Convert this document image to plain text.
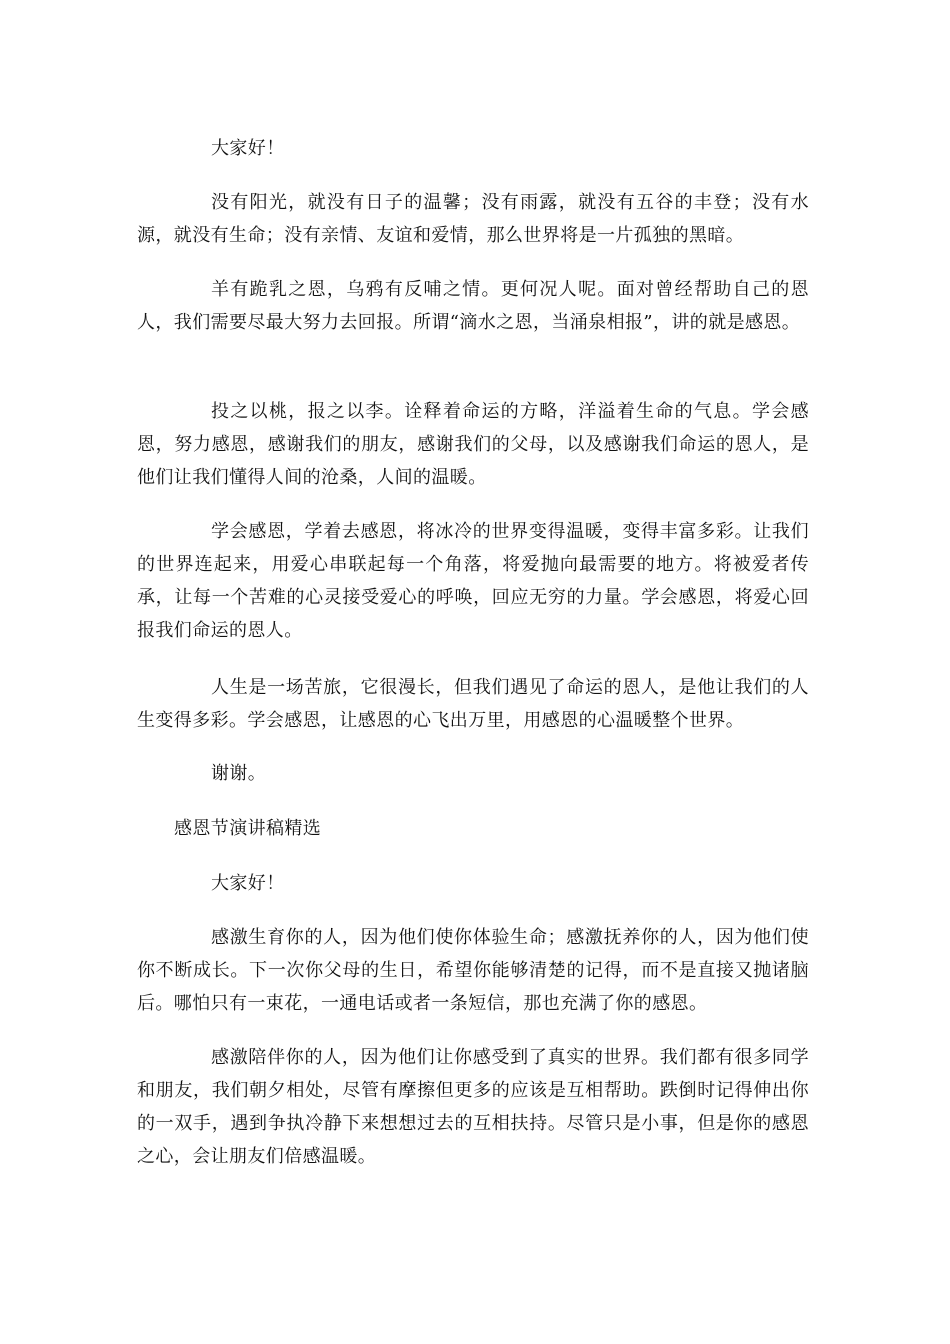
大家好！

没有阳光，就没有日子的温馨；没有雨露，就没有五谷的丰登；没有水源，就没有生命；没有亲情、友谊和爱情，那么世界将是一片孤独的黑暗。

羊有跪乳之恩，乌鸦有反哺之情。更何况人呢。面对曾经帮助自己的恩人，我们需要尽最大努力去回报。所谓“滴水之恩，当涌泉相报”，讲的就是感恩。

投之以桃，报之以李。诠释着命运的方略，洋溢着生命的气息。学会感恩，努力感恩，感谢我们的朋友，感谢我们的父母，以及感谢我们命运的恩人，是他们让我们懂得人间的沧桑，人间的温暖。

学会感恩，学着去感恩，将冰冷的世界变得温暖，变得丰富多彩。让我们的世界连起来，用爱心串联起每一个角落，将爱抛向最需要的地方。将被爱者传承，让每一个苦难的心灵接受爱心的呼唤，回应无穷的力量。学会感恩，将爱心回报我们命运的恩人。

人生是一场苦旅，它很漫长，但我们遇见了命运的恩人，是他让我们的人生变得多彩。学会感恩，让感恩的心飞出万里，用感恩的心温暖整个世界。

谢谢。

感恩节演讲稿精选

大家好！

感激生育你的人，因为他们使你体验生命；感激抚养你的人，因为他们使你不断成长。下一次你父母的生日，希望你能够清楚的记得，而不是直接又抛诸脑后。哪怕只有一束花，一通电话或者一条短信，那也充满了你的感恩。

感激陪伴你的人，因为他们让你感受到了真实的世界。我们都有很多同学和朋友，我们朝夕相处，尽管有摩擦但更多的应该是互相帮助。跌倒时记得伸出你的一双手，遇到争执冷静下来想想过去的互相扶持。尽管只是小事，但是你的感恩之心，会让朋友们倍感温暖。
